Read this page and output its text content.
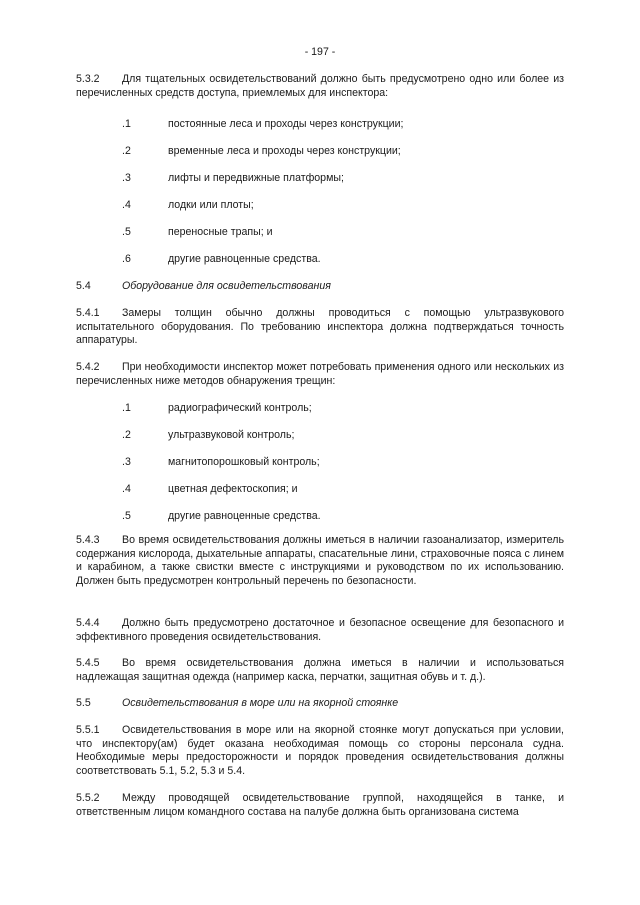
- 197 -
5.3.2	Для тщательных освидетельствований должно быть предусмотрено одно или более из перечисленных средств доступа, приемлемых для инспектора:
.1	постоянные леса и проходы через конструкции;
.2	временные леса и проходы через конструкции;
.3	лифты и передвижные платформы;
.4	лодки или плоты;
.5	переносные трапы; и
.6	другие равноценные средства.
5.4	Оборудование для освидетельствования
5.4.1	Замеры толщин обычно должны проводиться с помощью ультразвукового испытательного оборудования. По требованию инспектора должна подтверждаться точность аппаратуры.
5.4.2	При необходимости инспектор может потребовать применения одного или нескольких из перечисленных ниже методов обнаружения трещин:
.1	радиографический контроль;
.2	ультразвуковой контроль;
.3	магнитопорошковый контроль;
.4	цветная дефектоскопия; и
.5	другие равноценные средства.
5.4.3	Во время освидетельствования должны иметься в наличии газоанализатор, измеритель содержания кислорода, дыхательные аппараты, спасательные лини, страховочные пояса с линем и карабином, а также свистки вместе с инструкциями и руководством по их использованию. Должен быть предусмотрен контрольный перечень по безопасности.
5.4.4	Должно быть предусмотрено достаточное и безопасное освещение для безопасного и эффективного проведения освидетельствования.
5.4.5	Во время освидетельствования должна иметься в наличии и использоваться надлежащая защитная одежда (например каска, перчатки, защитная обувь и т. д.).
5.5	Освидетельствования в море или на якорной стоянке
5.5.1	Освидетельствования в море или на якорной стоянке могут допускаться при условии, что инспектору(ам) будет оказана необходимая помощь со стороны персонала судна. Необходимые меры предосторожности и порядок проведения освидетельствования должны соответствовать 5.1, 5.2, 5.3 и 5.4.
5.5.2	Между проводящей освидетельствование группой, находящейся в танке, и ответственным лицом командного состава на палубе должна быть организована система
